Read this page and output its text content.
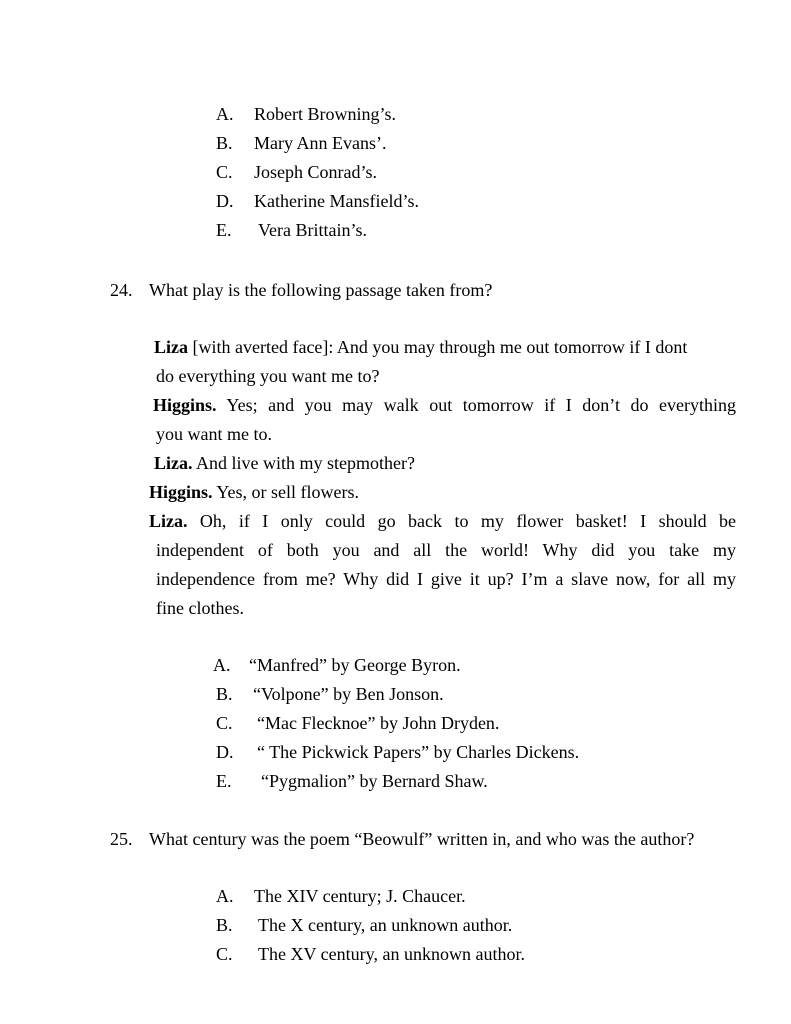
A. Robert Browning’s.
B. Mary Ann Evans’.
C. Joseph Conrad’s.
D. Katherine Mansfield’s.
E. Vera Brittain’s.
24. What play is the following passage taken from?
Liza [with averted face]: And you may through me out tomorrow if I dont
do everything you want me to?
Higgins. Yes; and you may walk out tomorrow if I don’t do everything
you want me to.
Liza. And live with my stepmother?
Higgins. Yes, or sell flowers.
Liza. Oh, if I only could go back to my flower basket! I should be
independent of both you and all the world! Why did you take my
independence from me? Why did I give it up? I’m a slave now, for all my
fine clothes.
A. “Manfred” by George Byron.
B. “Volpone” by Ben Jonson.
C. “Mac Flecknoe” by John Dryden.
D. “ The Pickwick Papers” by Charles Dickens.
E. “Pygmalion” by Bernard Shaw.
25. What century was the poem “Beowulf” written in, and who was the author?
A. The XIV century; J. Chaucer.
B. The X century, an unknown author.
C. The XV century, an unknown author.
